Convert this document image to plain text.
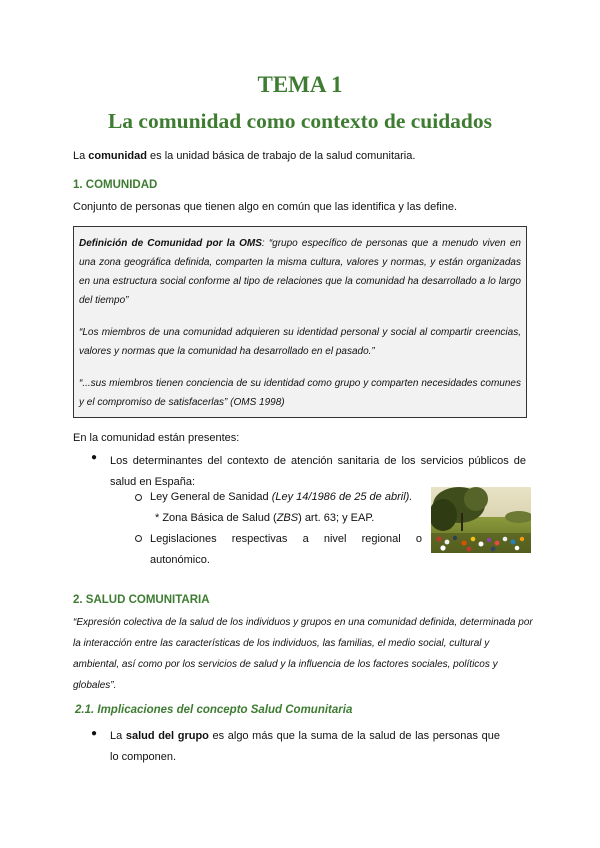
TEMA 1
La comunidad como contexto de cuidados
La comunidad es la unidad básica de trabajo de la salud comunitaria.
1. COMUNIDAD
Conjunto de personas que tienen algo en común que las identifica y las define.

Definición de Comunidad por la OMS: “grupo específico de personas que a menudo viven en una zona geográfica definida, comparten la misma cultura, valores y normas, y están organizadas en una estructura social conforme al tipo de relaciones que la comunidad ha desarrollado a lo largo del tiempo”

“Los miembros de una comunidad adquieren su identidad personal y social al compartir creencias, valores y normas que la comunidad ha desarrollado en el pasado.”

“...sus miembros tienen conciencia de su identidad como grupo y comparten necesidades comunes y el compromiso de satisfacerlas” (OMS 1998)

En la comunidad están presentes:
● Los determinantes del contexto de atención sanitaria de los servicios públicos de salud en España:
Ley General de Sanidad (Ley 14/1986 de 25 de abril).
* Zona Básica de Salud (ZBS) art. 63; y EAP.
Legislaciones respectivas a nivel regional o autonómico.
2. SALUD COMUNITARIA
“Expresión colectiva de la salud de los individuos y grupos en una comunidad definida, determinada por la interacción entre las características de los individuos, las familias, el medio social, cultural y ambiental, así como por los servicios de salud y la influencia de los factores sociales, políticos y globales”.
2.1. Implicaciones del concepto Salud Comunitaria
● La salud del grupo es algo más que la suma de la salud de las personas que lo componen.
